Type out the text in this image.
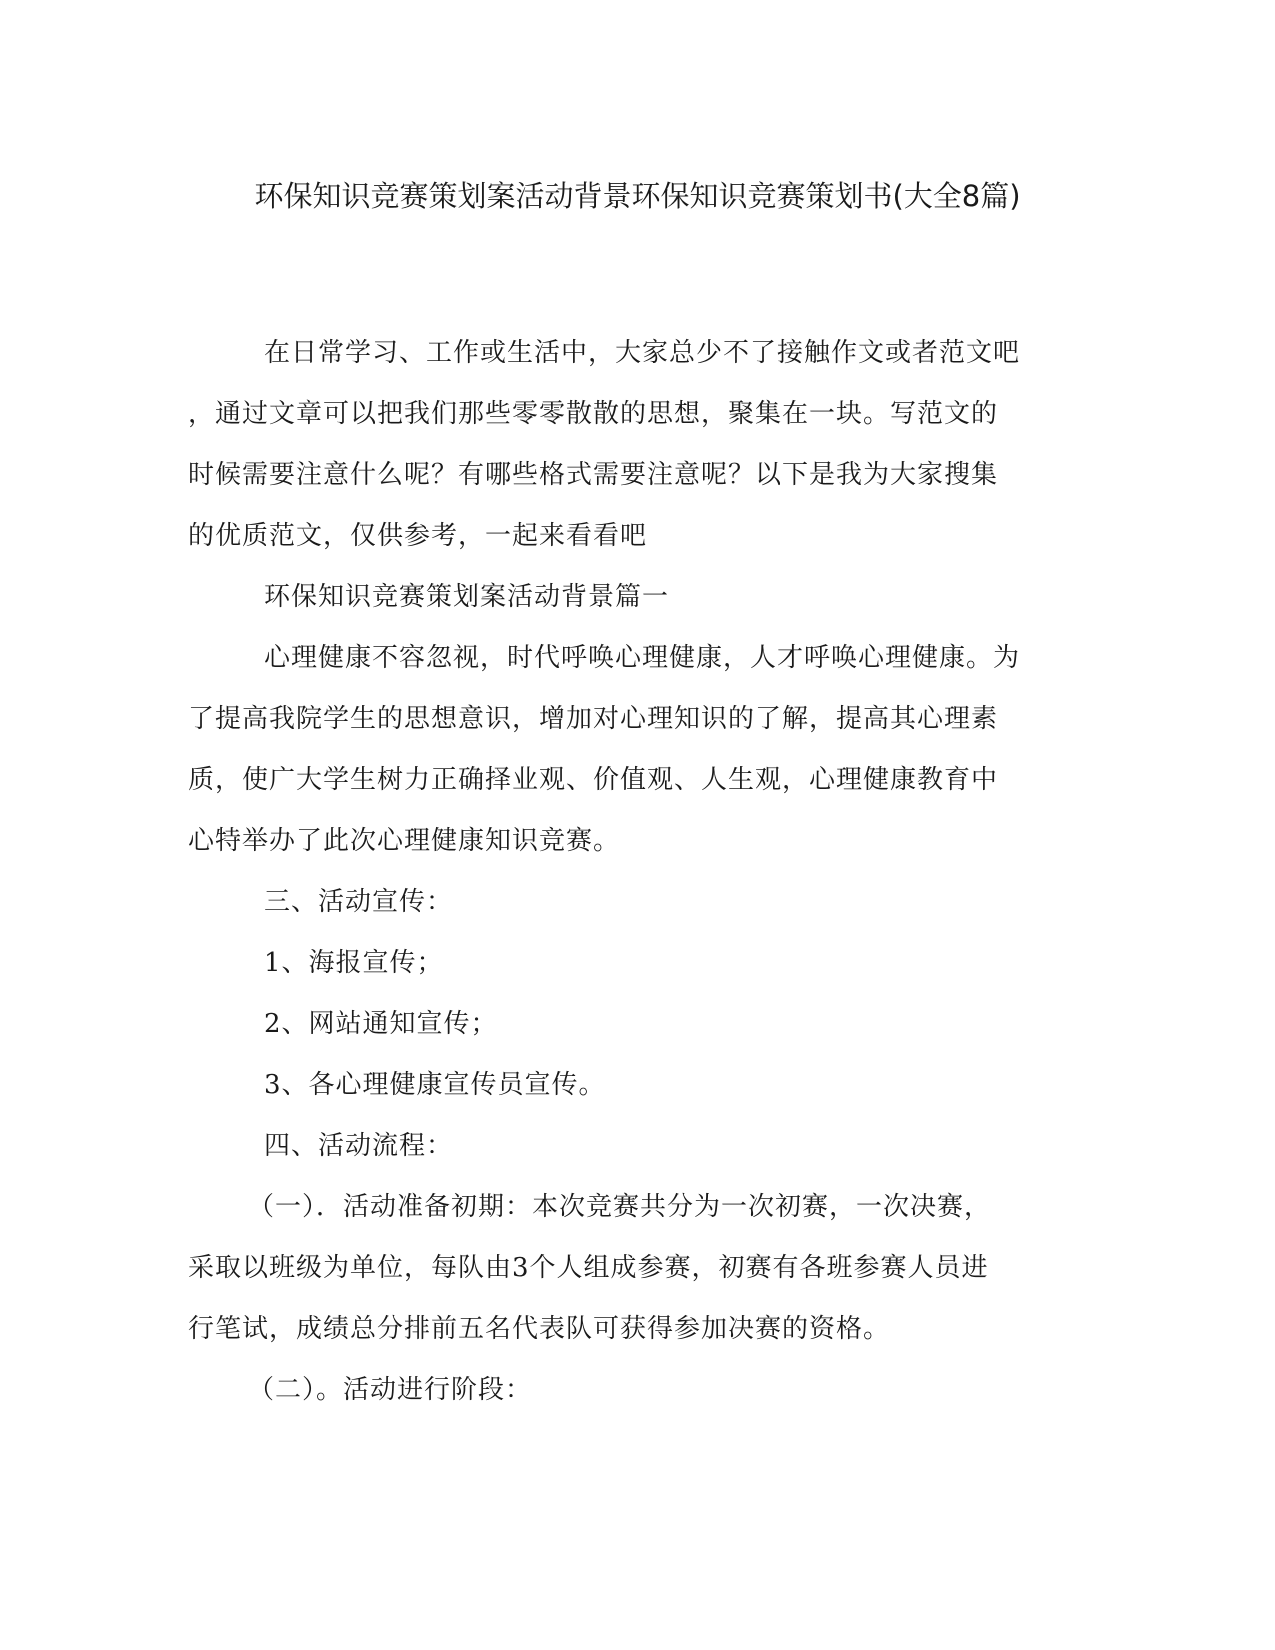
环保知识竞赛策划案活动背景环保知识竞赛策划书(大全8篇)

在日常学习、工作或生活中，大家总少不了接触作文或者范文吧
，通过文章可以把我们那些零零散散的思想，聚集在一块。写范文的
时候需要注意什么呢？有哪些格式需要注意呢？以下是我为大家搜集
的优质范文，仅供参考，一起来看看吧

环保知识竞赛策划案活动背景篇一

心理健康不容忽视，时代呼唤心理健康，人才呼唤心理健康。为
了提高我院学生的思想意识，增加对心理知识的了解，提高其心理素
质，使广大学生树力正确择业观、价值观、人生观，心理健康教育中
心特举办了此次心理健康知识竞赛。

三、活动宣传：

1、海报宣传；

2、网站通知宣传；

3、各心理健康宣传员宣传。

四、活动流程：

（一）．活动准备初期：本次竞赛共分为一次初赛，一次决赛，
采取以班级为单位，每队由3个人组成参赛，初赛有各班参赛人员进
行笔试，成绩总分排前五名代表队可获得参加决赛的资格。

（二）。活动进行阶段：
